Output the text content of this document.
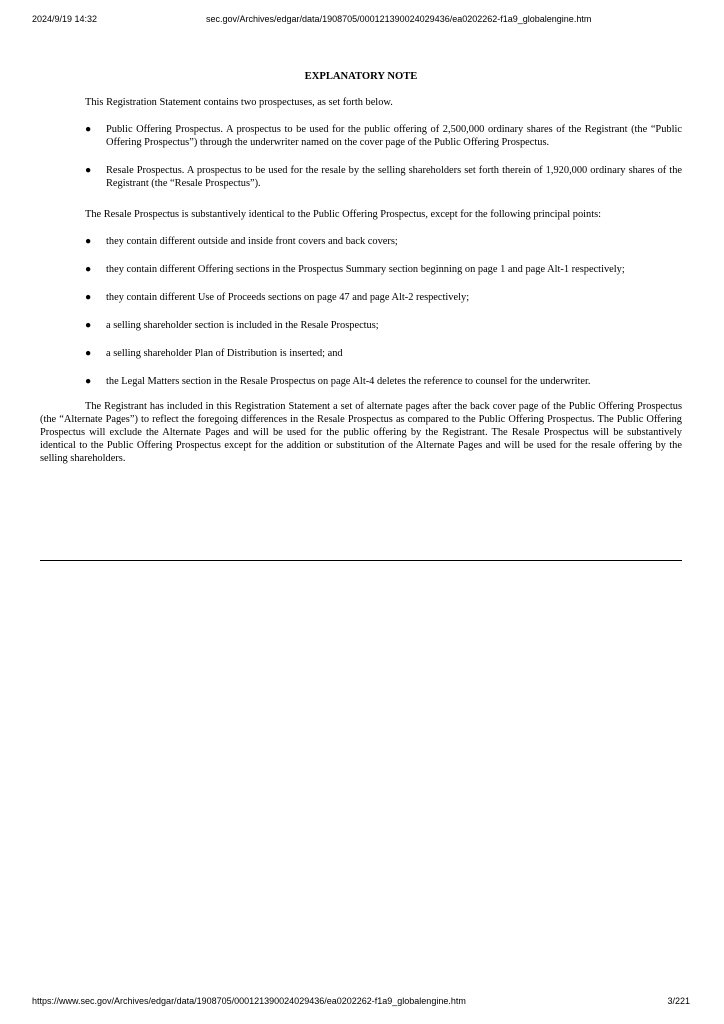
2024/9/19 14:32	sec.gov/Archives/edgar/data/1908705/000121390024029436/ea0202262-f1a9_globalengine.htm
EXPLANATORY NOTE
This Registration Statement contains two prospectuses, as set forth below.
● Public Offering Prospectus. A prospectus to be used for the public offering of 2,500,000 ordinary shares of the Registrant (the “Public Offering Prospectus”) through the underwriter named on the cover page of the Public Offering Prospectus.
● Resale Prospectus. A prospectus to be used for the resale by the selling shareholders set forth therein of 1,920,000 ordinary shares of the Registrant (the “Resale Prospectus”).
The Resale Prospectus is substantively identical to the Public Offering Prospectus, except for the following principal points:
● they contain different outside and inside front covers and back covers;
● they contain different Offering sections in the Prospectus Summary section beginning on page 1 and page Alt-1 respectively;
● they contain different Use of Proceeds sections on page 47 and page Alt-2 respectively;
● a selling shareholder section is included in the Resale Prospectus;
● a selling shareholder Plan of Distribution is inserted; and
● the Legal Matters section in the Resale Prospectus on page Alt-4 deletes the reference to counsel for the underwriter.

The Registrant has included in this Registration Statement a set of alternate pages after the back cover page of the Public Offering Prospectus (the “Alternate Pages”) to reflect the foregoing differences in the Resale Prospectus as compared to the Public Offering Prospectus. The Public Offering Prospectus will exclude the Alternate Pages and will be used for the public offering by the Registrant. The Resale Prospectus will be substantively identical to the Public Offering Prospectus except for the addition or substitution of the Alternate Pages and will be used for the resale offering by the selling shareholders.

https://www.sec.gov/Archives/edgar/data/1908705/000121390024029436/ea0202262-f1a9_globalengine.htm	3/221
